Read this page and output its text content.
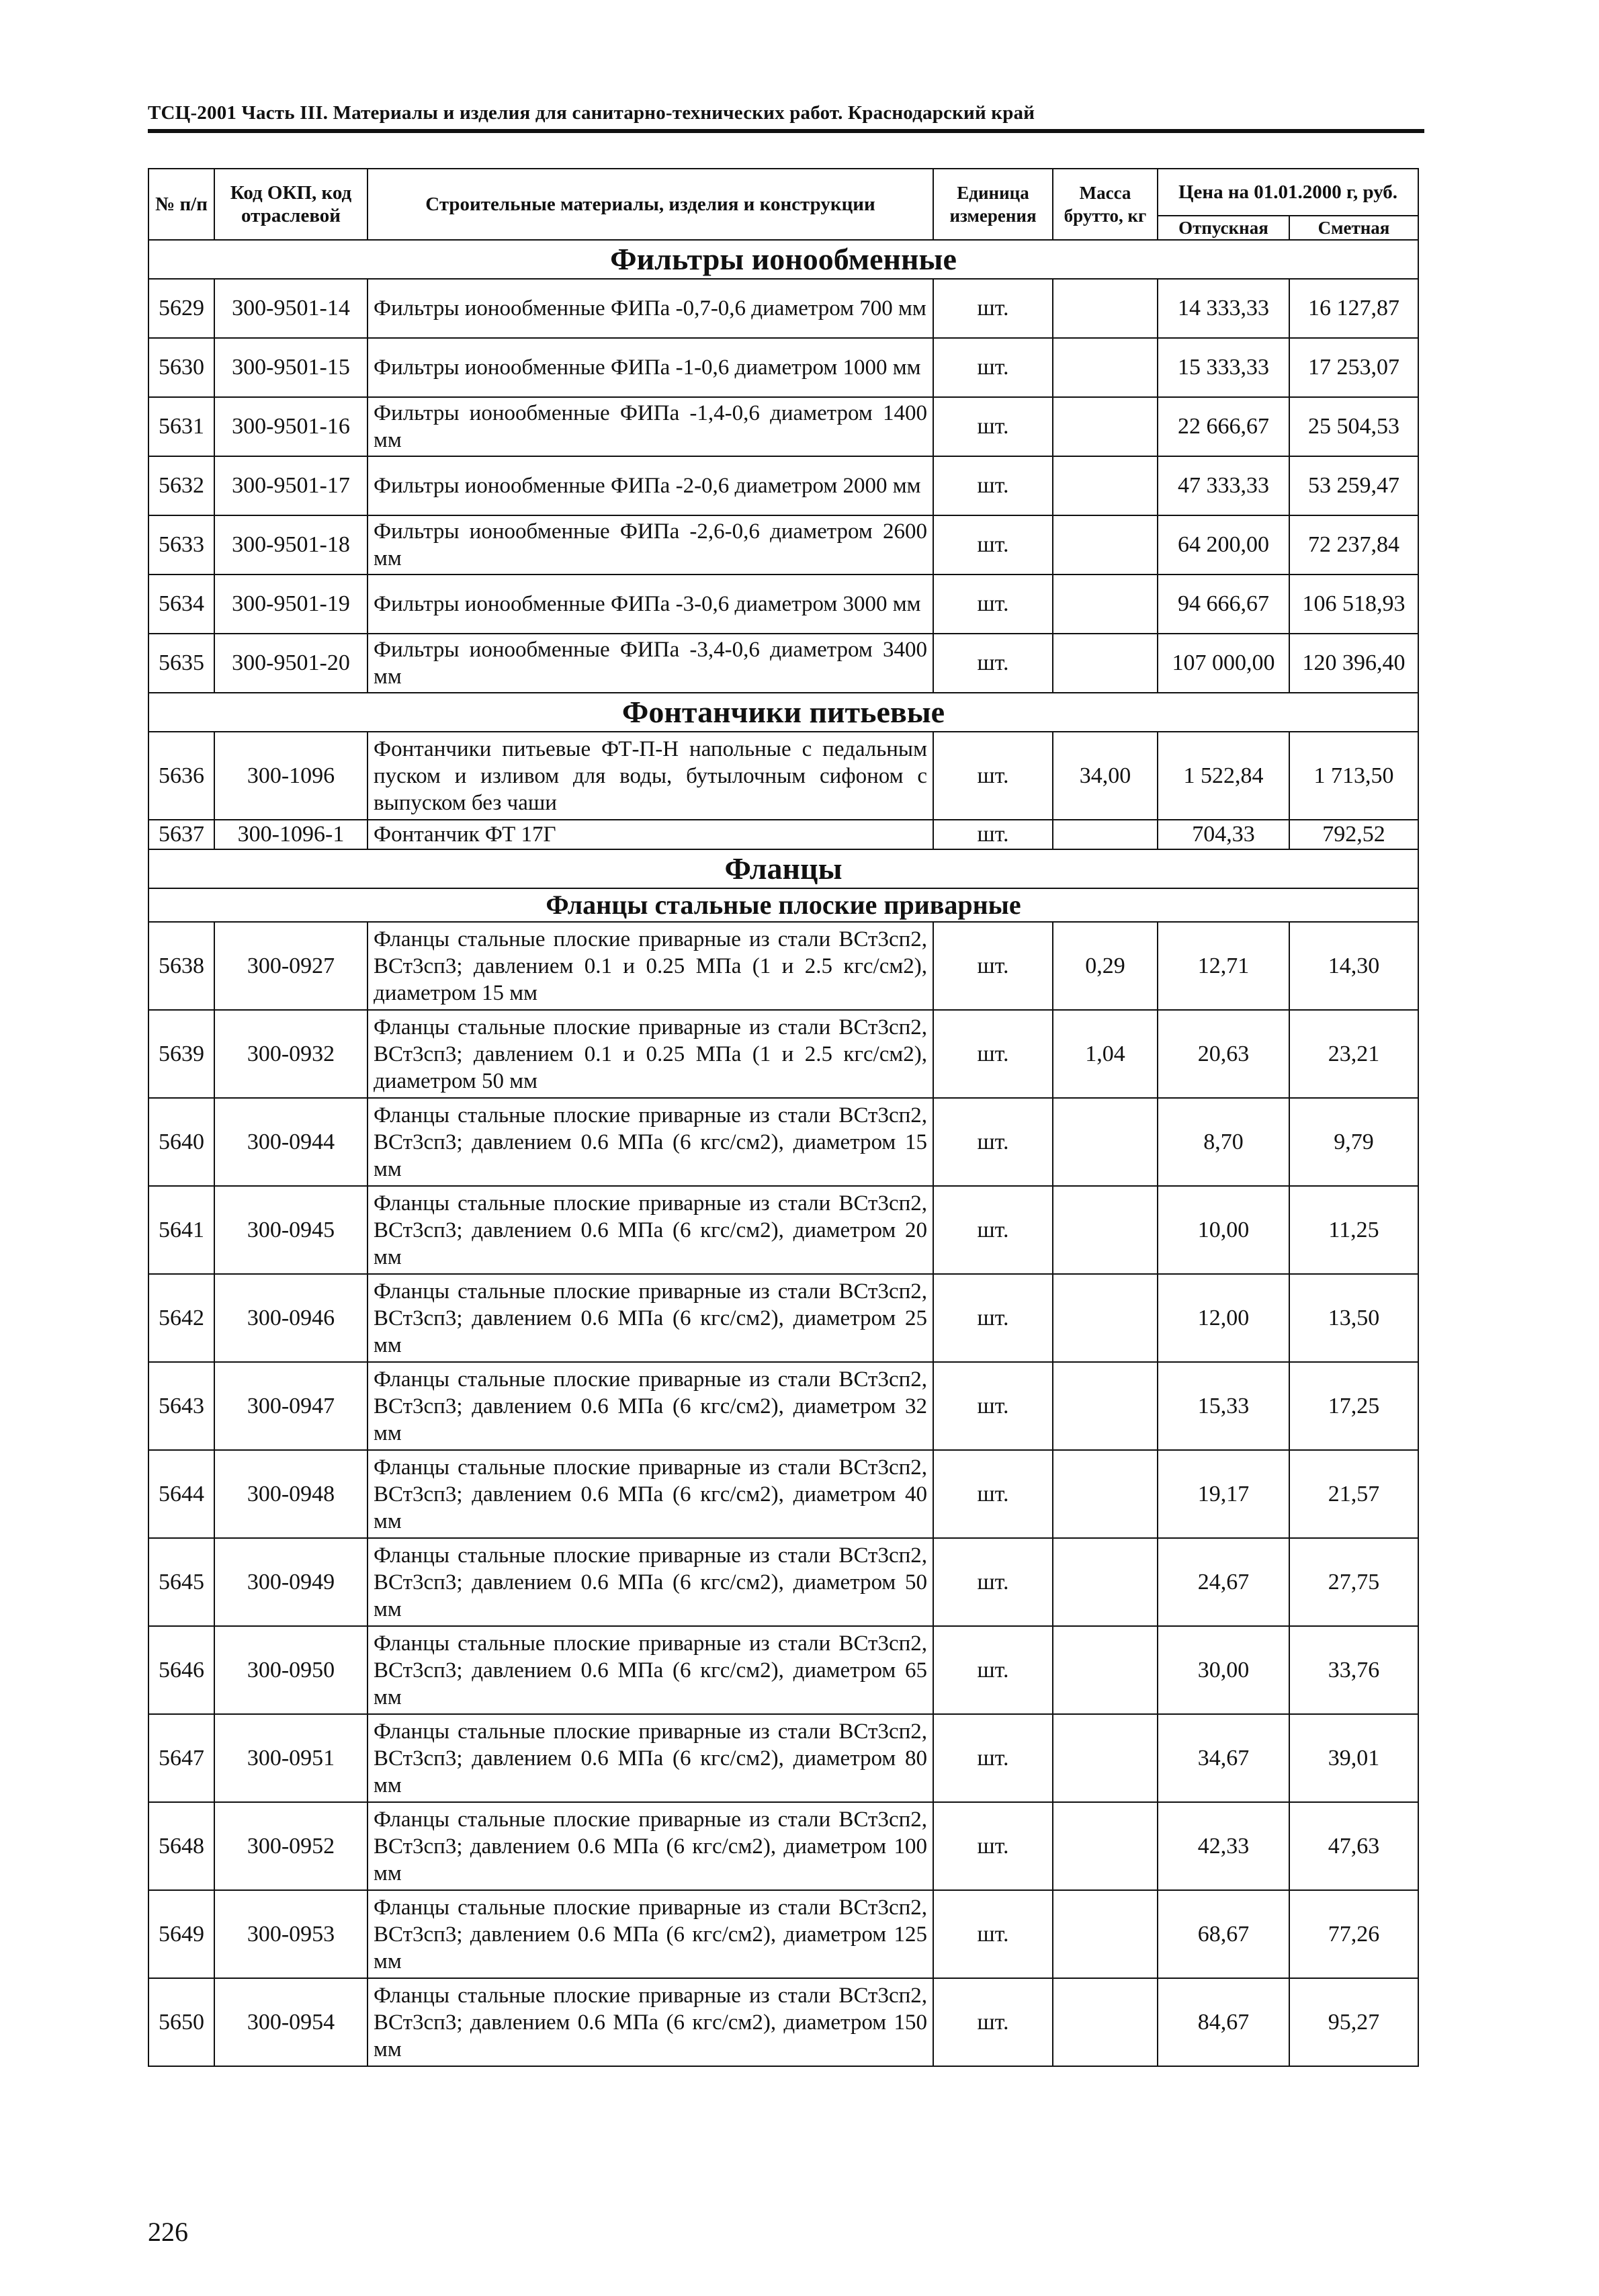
ТСЦ-2001 Часть III. Материалы и изделия для санитарно-технических работ. Краснодарский край
№ п/п	Код ОКП, код отраслевой	Строительные материалы, изделия и конструкции	Единица измерения	Масса брутто, кг	Цена на 01.01.2000 г, руб.	
					Отпускная	Сметная
Фильтры ионообменные						
5629	300-9501-14	Фильтры ионообменные ФИПа -0,7-0,6 диаметром 700 мм	шт.		14 333,33	16 127,87
5630	300-9501-15	Фильтры ионообменные ФИПа -1-0,6 диаметром 1000 мм	шт.		15 333,33	17 253,07
5631	300-9501-16	Фильтры ионообменные ФИПа -1,4-0,6 диаметром 1400 мм	шт.		22 666,67	25 504,53
5632	300-9501-17	Фильтры ионообменные ФИПа -2-0,6 диаметром 2000 мм	шт.		47 333,33	53 259,47
5633	300-9501-18	Фильтры ионообменные ФИПа -2,6-0,6 диаметром 2600 мм	шт.		64 200,00	72 237,84
5634	300-9501-19	Фильтры ионообменные ФИПа -3-0,6 диаметром 3000 мм	шт.		94 666,67	106 518,93
5635	300-9501-20	Фильтры ионообменные ФИПа -3,4-0,6 диаметром 3400 мм	шт.		107 000,00	120 396,40
Фонтанчики питьевые						
5636	300-1096	Фонтанчики питьевые ФТ-П-Н напольные с педальным пуском и изливом для воды, бутылочным сифоном с выпуском без чаши	шт.	34,00	1 522,84	1 713,50
5637	300-1096-1	Фонтанчик ФТ 17Г	шт.		704,33	792,52
Фланцы						
Фланцы стальные плоские приварные						
5638	300-0927	Фланцы стальные плоские приварные из стали ВСт3сп2, ВСт3сп3; давлением 0.1 и 0.25 МПа (1 и 2.5 кгс/см2), диаметром 15 мм	шт.	0,29	12,71	14,30
5639	300-0932	Фланцы стальные плоские приварные из стали ВСт3сп2, ВСт3сп3; давлением 0.1 и 0.25 МПа (1 и 2.5 кгс/см2), диаметром 50 мм	шт.	1,04	20,63	23,21
5640	300-0944	Фланцы стальные плоские приварные из стали ВСт3сп2, ВСт3сп3; давлением 0.6 МПа (6 кгс/см2), диаметром 15 мм	шт.		8,70	9,79
5641	300-0945	Фланцы стальные плоские приварные из стали ВСт3сп2, ВСт3сп3; давлением 0.6 МПа (6 кгс/см2), диаметром 20 мм	шт.		10,00	11,25
5642	300-0946	Фланцы стальные плоские приварные из стали ВСт3сп2, ВСт3сп3; давлением 0.6 МПа (6 кгс/см2), диаметром 25 мм	шт.		12,00	13,50
5643	300-0947	Фланцы стальные плоские приварные из стали ВСт3сп2, ВСт3сп3; давлением 0.6 МПа (6 кгс/см2), диаметром 32 мм	шт.		15,33	17,25
5644	300-0948	Фланцы стальные плоские приварные из стали ВСт3сп2, ВСт3сп3; давлением 0.6 МПа (6 кгс/см2), диаметром 40 мм	шт.		19,17	21,57
5645	300-0949	Фланцы стальные плоские приварные из стали ВСт3сп2, ВСт3сп3; давлением 0.6 МПа (6 кгс/см2), диаметром 50 мм	шт.		24,67	27,75
5646	300-0950	Фланцы стальные плоские приварные из стали ВСт3сп2, ВСт3сп3; давлением 0.6 МПа (6 кгс/см2), диаметром 65 мм	шт.		30,00	33,76
5647	300-0951	Фланцы стальные плоские приварные из стали ВСт3сп2, ВСт3сп3; давлением 0.6 МПа (6 кгс/см2), диаметром 80 мм	шт.		34,67	39,01
5648	300-0952	Фланцы стальные плоские приварные из стали ВСт3сп2, ВСт3сп3; давлением 0.6 МПа (6 кгс/см2), диаметром 100 мм	шт.		42,33	47,63
5649	300-0953	Фланцы стальные плоские приварные из стали ВСт3сп2, ВСт3сп3; давлением 0.6 МПа (6 кгс/см2), диаметром 125 мм	шт.		68,67	77,26
5650	300-0954	Фланцы стальные плоские приварные из стали ВСт3сп2, ВСт3сп3; давлением 0.6 МПа (6 кгс/см2), диаметром 150 мм	шт.		84,67	95,27
226
